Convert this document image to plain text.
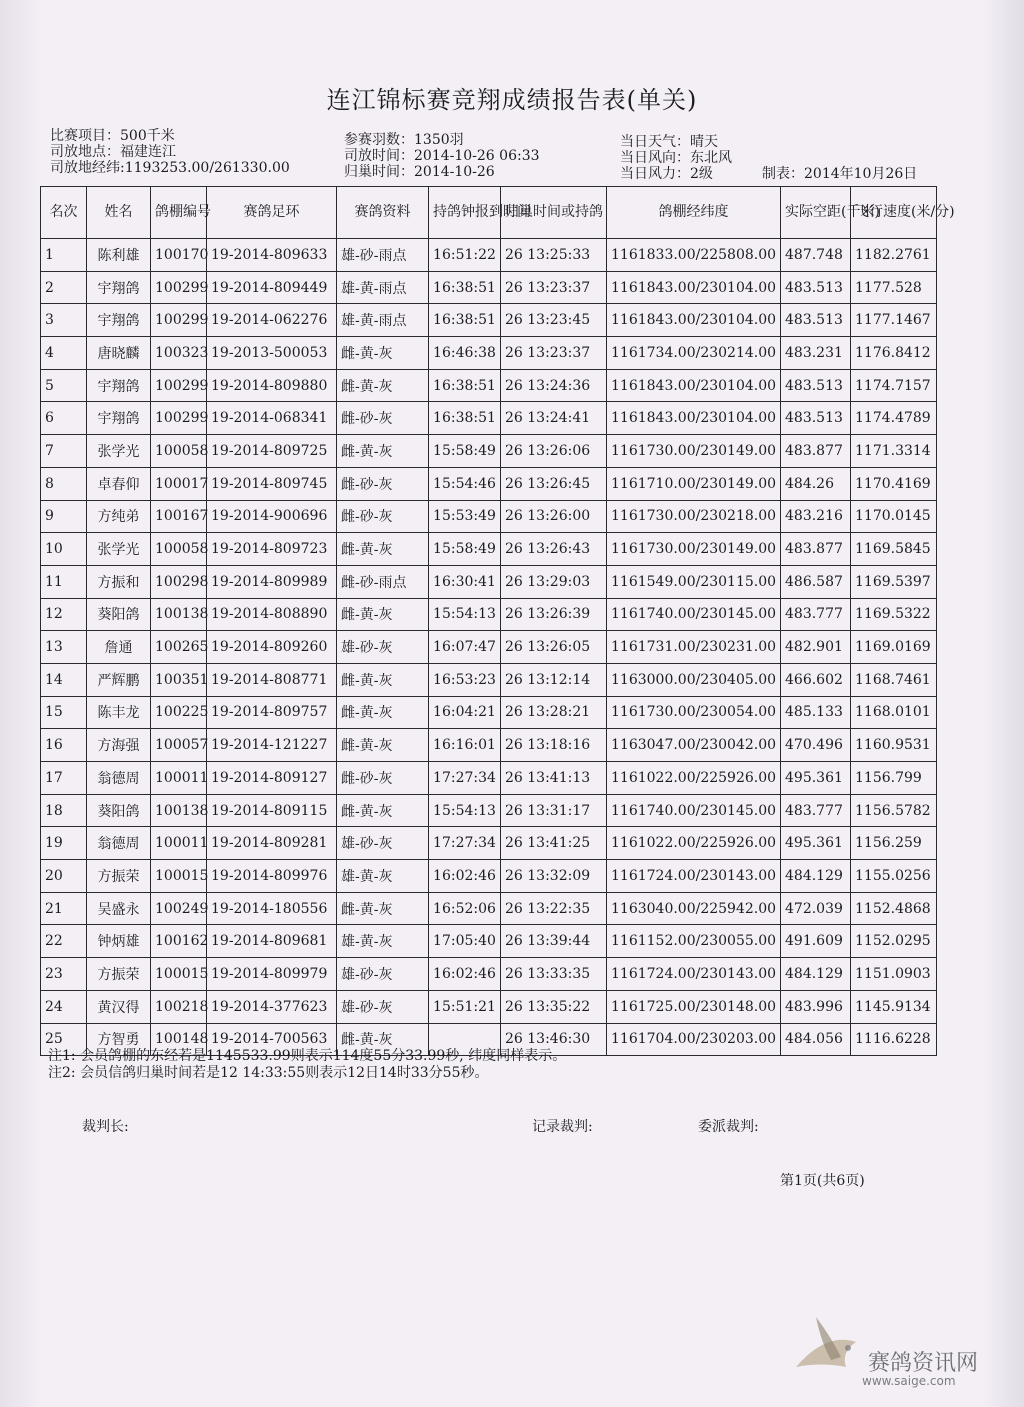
连江锦标赛竞翔成绩报告表(单关)
比赛项目：500千米
司放地点：福建连江
司放地经纬:1193253.00/261330.00
参赛羽数：1350羽
司放时间：2014-10-26 06:33
归巢时间：2014-10-26
当日天气：晴天
当日风向：东北风
当日风力：2级	制表：2014年10月26日
名次	姓名	鸽棚编号	赛鸽足环	赛鸽资料	持鸽钟报到时间	归巢时间或持鸽	鸽棚经纬度	实际空距(千米)	飞行速度(米/分)
1	陈利雄	100170	19-2014-809633	雄-砂-雨点	16:51:22	26 13:25:33	1161833.00/225808.00	487.748	1182.2761
2	宇翔鸽	100299	19-2014-809449	雄-黄-雨点	16:38:51	26 13:23:37	1161843.00/230104.00	483.513	1177.528
3	宇翔鸽	100299	19-2014-062276	雄-黄-雨点	16:38:51	26 13:23:45	1161843.00/230104.00	483.513	1177.1467
4	唐晓麟	100323	19-2013-500053	雌-黄-灰	16:46:38	26 13:23:37	1161734.00/230214.00	483.231	1176.8412
5	宇翔鸽	100299	19-2014-809880	雌-黄-灰	16:38:51	26 13:24:36	1161843.00/230104.00	483.513	1174.7157
6	宇翔鸽	100299	19-2014-068341	雌-砂-灰	16:38:51	26 13:24:41	1161843.00/230104.00	483.513	1174.4789
7	张学光	100058	19-2014-809725	雌-黄-灰	15:58:49	26 13:26:06	1161730.00/230149.00	483.877	1171.3314
8	卓春仰	100017	19-2014-809745	雌-砂-灰	15:54:46	26 13:26:45	1161710.00/230149.00	484.26	1170.4169
9	方纯弟	100167	19-2014-900696	雌-砂-灰	15:53:49	26 13:26:00	1161730.00/230218.00	483.216	1170.0145
10	张学光	100058	19-2014-809723	雌-黄-灰	15:58:49	26 13:26:43	1161730.00/230149.00	483.877	1169.5845
11	方振和	100298	19-2014-809989	雌-砂-雨点	16:30:41	26 13:29:03	1161549.00/230115.00	486.587	1169.5397
12	葵阳鸽	100138	19-2014-808890	雌-黄-灰	15:54:13	26 13:26:39	1161740.00/230145.00	483.777	1169.5322
13	詹通	100265	19-2014-809260	雄-砂-灰	16:07:47	26 13:26:05	1161731.00/230231.00	482.901	1169.0169
14	严辉鹏	100351	19-2014-808771	雌-黄-灰	16:53:23	26 13:12:14	1163000.00/230405.00	466.602	1168.7461
15	陈丰龙	100225	19-2014-809757	雌-黄-灰	16:04:21	26 13:28:21	1161730.00/230054.00	485.133	1168.0101
16	方海强	100057	19-2014-121227	雌-黄-灰	16:16:01	26 13:18:16	1163047.00/230042.00	470.496	1160.9531
17	翁德周	100011	19-2014-809127	雌-砂-灰	17:27:34	26 13:41:13	1161022.00/225926.00	495.361	1156.799
18	葵阳鸽	100138	19-2014-809115	雌-黄-灰	15:54:13	26 13:31:17	1161740.00/230145.00	483.777	1156.5782
19	翁德周	100011	19-2014-809281	雄-砂-灰	17:27:34	26 13:41:25	1161022.00/225926.00	495.361	1156.259
20	方振荣	100015	19-2014-809976	雄-黄-灰	16:02:46	26 13:32:09	1161724.00/230143.00	484.129	1155.0256
21	吴盛永	100249	19-2014-180556	雌-黄-灰	16:52:06	26 13:22:35	1163040.00/225942.00	472.039	1152.4868
22	钟炳雄	100162	19-2014-809681	雄-黄-灰	17:05:40	26 13:39:44	1161152.00/230055.00	491.609	1152.0295
23	方振荣	100015	19-2014-809979	雄-砂-灰	16:02:46	26 13:33:35	1161724.00/230143.00	484.129	1151.0903
24	黄汉得	100218	19-2014-377623	雄-砂-灰	15:51:21	26 13:35:22	1161725.00/230148.00	483.996	1145.9134
25	方智勇	100148	19-2014-700563	雌-黄-灰		26 13:46:30	1161704.00/230203.00	484.056	1116.6228
注1: 会员鸽棚的东经若是1145533.99则表示114度55分33.99秒, 纬度同样表示。
注2: 会员信鸽归巢时间若是12 14:33:55则表示12日14时33分55秒。
裁判长:	记录裁判:	委派裁判:
第1页(共6页)
赛鸽资讯网
www.saige.com
